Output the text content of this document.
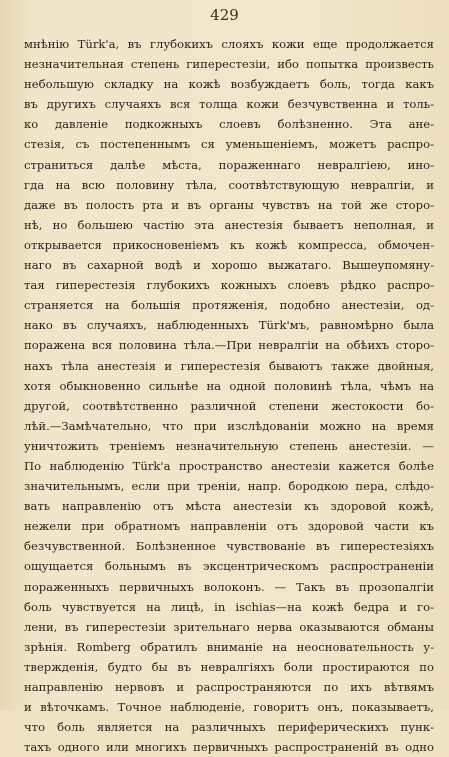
429
мнѣнію Türk'а, въ глубокихъ слояхъ кожи еще продолжается
незначительная степень гиперестезіи, ибо попытка произвесть
небольшую складку на кожѣ возбуждаетъ боль, тогда какъ
въ другихъ случаяхъ вся толща кожи безчувственна и толь-
ко давленіе подкожныхъ слоевъ болѣзненно. Эта анe-
стезія, съ постепеннымъ ся уменьшеніемъ, можетъ распро-
страниться далѣе мѣста, пораженнаго невралгіею, ино-
гда на всю половину тѣла, соотвѣтствующую невралгіи, и
даже въ полость рта и въ органы чувствъ на той же сторо-
нѣ, но большею частію эта анестезія бываетъ неполная, и
открывается прикосновеніемъ къ кожѣ компресса, обмочен-
наго въ сахарной водѣ и хорошо выжатаго. Вышеупомяну-
тая гиперестезія глубокихъ кожныхъ слоевъ рѣдко распро-
страняется на большія протяженія, подобно анестезіи, од-
нако въ случаяхъ, наблюденныхъ Türk'мъ, равномѣрно была
поражена вся половина тѣла.—При невралгіи на обѣихъ сторо-
нахъ тѣла анестезія и гиперестезія бываютъ также двойныя,
хотя обыкновенно сильнѣе на одной половинѣ тѣла, чѣмъ на
другой, соотвѣтственно различной степени жестокости бо-
лѣй.—Замѣчательно, что при изслѣдованіи можно на время
уничтожить треніемъ незначительную степень анестезіи. —
По наблюденію Türk'а пространство анестезіи кажется болѣе
значительнымъ, если при треніи, напр. бородкою пера, слѣдо-
вать направленію отъ мѣста анестезіи къ здоровой кожѣ,
нежели при обратномъ направленіи отъ здоровой части къ
безчувственной. Болѣзненное чувствованіе въ гиперестезіяхъ
ощущается больнымъ въ эксцентрическомъ распространеніи
пораженныхъ первичныхъ волоконъ. — Такъ въ прозопалгіи
боль чувствуется на лицѣ, in ischias—на кожѣ бедра и го-
лени, въ гиперестезіи зрительнаго нерва оказываются обманы
зрѣнія. Romberg обратилъ вниманіе на неосновательность у-
твержденія, будто бы въ невралгіяхъ боли простираются по
направленію нервовъ и распространяются по ихъ вѣтвямъ
и вѣточкамъ. Точное наблюденіе, говоритъ онъ, показываетъ,
что боль является на различныхъ периферическихъ пунк-
тахъ одного или многихъ первичныхъ распространеній въ одно
